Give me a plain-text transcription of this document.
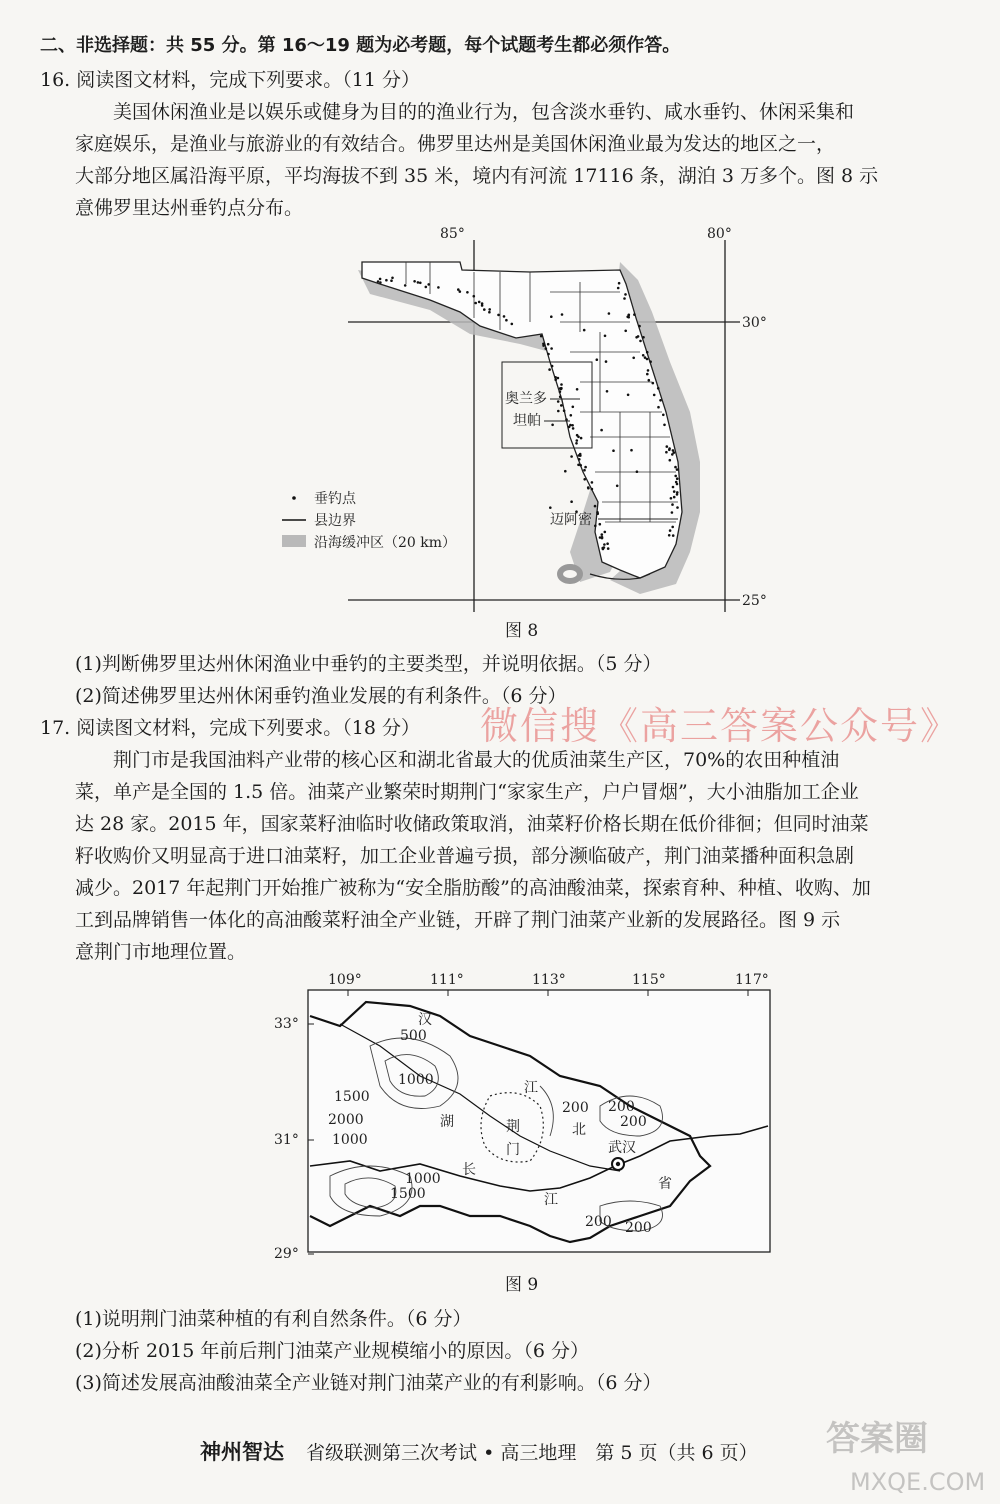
二、非选择题：共 55 分。第 16～19 题为必考题，每个试题考生都必须作答。
16. 阅读图文材料，完成下列要求。（11 分）
美国休闲渔业是以娱乐或健身为目的的渔业行为，包含淡水垂钓、咸水垂钓、休闲采集和
家庭娱乐，是渔业与旅游业的有效结合。佛罗里达州是美国休闲渔业最为发达的地区之一，
大部分地区属沿海平原，平均海拔不到 35 米，境内有河流 17116 条，湖泊 3 万多个。图 8 示
意佛罗里达州垂钓点分布。
85°	80°
30°
25°
奥兰多
坦帕
迈阿密
垂钓点
县边界
沿海缓冲区（20 km）
图 8
(1)判断佛罗里达州休闲渔业中垂钓的主要类型，并说明依据。（5 分）
(2)简述佛罗里达州休闲垂钓渔业发展的有利条件。（6 分）
17. 阅读图文材料，完成下列要求。（18 分）	微信搜《高三答案公众号》
荆门市是我国油料产业带的核心区和湖北省最大的优质油菜生产区，70%的农田种植油
菜，单产是全国的 1.5 倍。油菜产业繁荣时期荆门“家家生产，户户冒烟”，大小油脂加工企业
达 28 家。2015 年，国家菜籽油临时收储政策取消，油菜籽价格长期在低价徘徊；但同时油菜
籽收购价又明显高于进口油菜籽，加工企业普遍亏损，部分濒临破产，荆门油菜播种面积急剧
减少。2017 年起荆门开始推广被称为“安全脂肪酸”的高油酸油菜，探索育种、种植、收购、加
工到品牌销售一体化的高油酸菜籽油全产业链，开辟了荆门油菜产业新的发展路径。图 9 示
意荆门市地理位置。
109°	111°	113°	115°	117°
33°
31°
29°
500
1000
1500
2000
1000
200 200
200
1000
1500
200 200
汉
江
湖	北
长
江
省
荆
门	武汉
图 9
(1)说明荆门油菜种植的有利自然条件。（6 分）
(2)分析 2015 年前后荆门油菜产业规模缩小的原因。（6 分）
(3)简述发展高油酸油菜全产业链对荆门油菜产业的有利影响。（6 分）
神州智达 省级联测第三次考试 • 高三地理　第 5 页（共 6 页） 答案圈
MXQE.COM
